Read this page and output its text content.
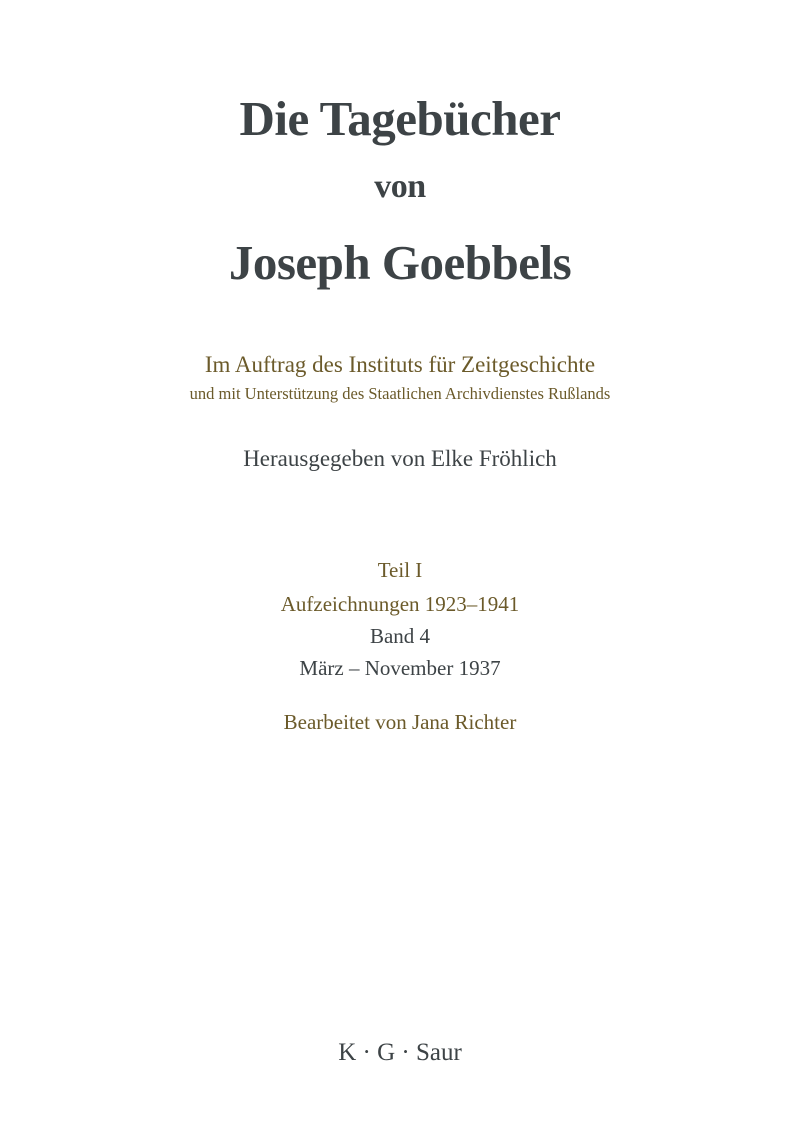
Die Tagebücher
von
Joseph Goebbels
Im Auftrag des Instituts für Zeitgeschichte
und mit Unterstützung des Staatlichen Archivdienstes Rußlands
Herausgegeben von Elke Fröhlich
Teil I
Aufzeichnungen 1923–1941
Band 4
März – November 1937
Bearbeitet von Jana Richter
K · G · Saur
